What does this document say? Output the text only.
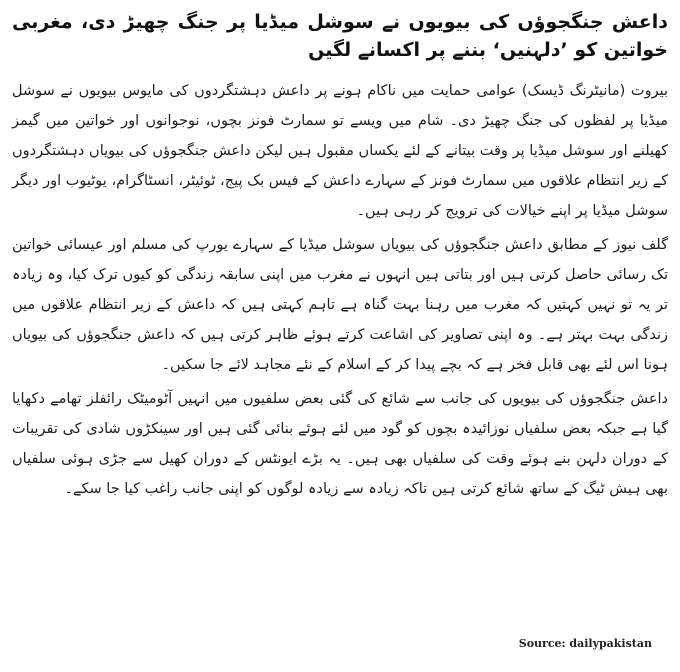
داعش جنگجوؤں کی بیویوں نے سوشل میڈیا پر جنگ چھیڑ دی، مغربی خواتین کو ’دلہنیں‘ بننے پر اکسانے لگیں

بیروت (مانیٹرنگ ڈیسک) عوامی حمایت میں ناکام ہونے پر داعش دہشتگردوں کی مایوس بیویوں نے سوشل میڈیا پر لفظوں کی جنگ چھیڑ دی۔ شام میں ویسے تو سمارٹ فونز بچوں، نوجوانوں اور خواتین میں گیمز کھیلنے اور سوشل میڈیا پر وقت بیتانے کے لئے یکساں مقبول ہیں لیکن داعش جنگجوؤں کی بیویاں دہشتگردوں کے زیر انتظام علاقوں میں سمارٹ فونز کے سہارے داعش کے فیس بک پیج، ٹوئیٹر، انسٹاگرام، یوٹیوب اور دیگر سوشل میڈیا پر اپنے خیالات کی ترویج کر رہی ہیں۔

گلف نیوز کے مطابق داعش جنگجوؤں کی بیویاں سوشل میڈیا کے سہارے یورپ کی مسلم اور عیسائی خواتین تک رسائی حاصل کرتی ہیں اور بتاتی ہیں انہوں نے مغرب میں اپنی سابقہ زندگی کو کیوں ترک کیا، وہ زیادہ تر یہ تو نہیں کہتیں کہ مغرب میں رہنا بہت گناہ ہے تاہم کہتی ہیں کہ داعش کے زیر انتظام علاقوں میں زندگی بہت بہتر ہے۔ وہ اپنی تصاویر کی اشاعت کرتے ہوئے ظاہر کرتی ہیں کہ داعش جنگجوؤں کی بیویاں ہونا اس لئے بھی قابل فخر ہے کہ بچے پیدا کر کے اسلام کے نئے مجاہد لائے جا سکیں۔

داعش جنگجوؤں کی بیویوں کی جانب سے شائع کی گئی بعض سلفیوں میں انہیں آٹومیٹک رائفلز تھامے دکھایا گیا ہے جبکہ بعض سلفیاں نوزائیدہ بچوں کو گود میں لئے ہوئے بنائی گئی ہیں اور سینکڑوں شادی کی تقریبات کے دوران دلہن بنے ہوئے وقت کی سلفیاں بھی ہیں۔ یہ بڑے ایونٹس کے دوران کھیل سے جڑی ہوئی سلفیاں بھی ہیش ٹیگ کے ساتھ شائع کرتی ہیں تاکہ زیادہ سے زیادہ لوگوں کو اپنی جانب راغب کیا جا سکے۔

Source: dailypakistan
